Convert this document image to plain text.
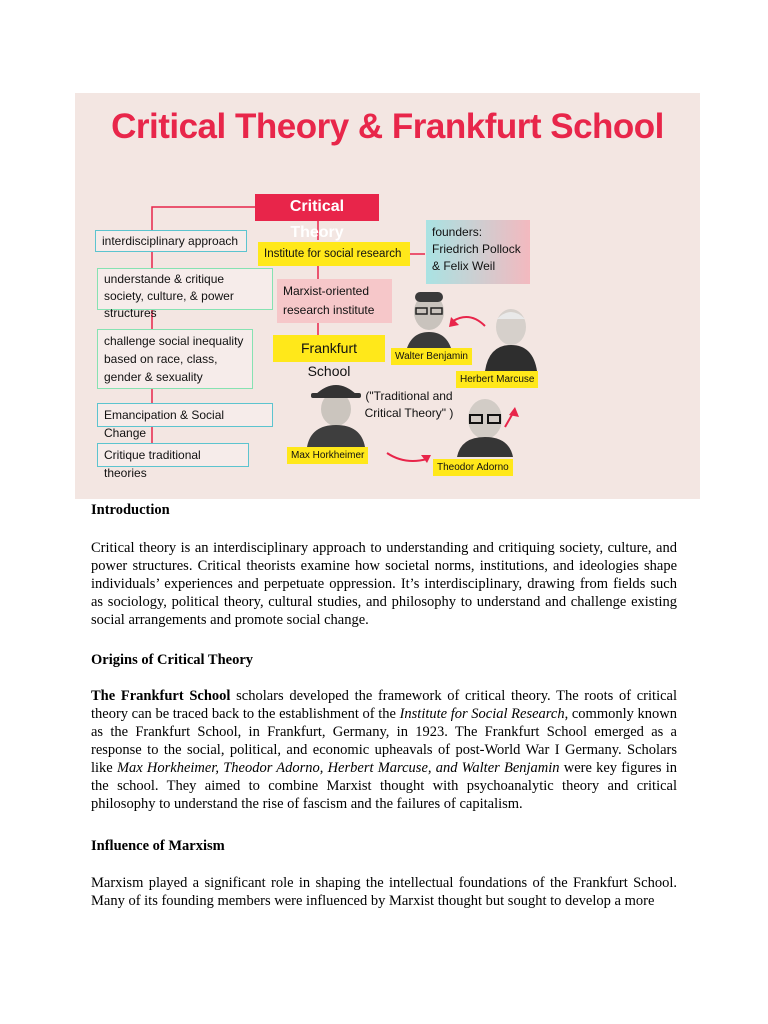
Critical Theory & Frankfurt School
Critical Theory
interdisciplinary approach
understande & critique society, culture, & power structures
challenge social inequality based on race, class, gender & sexuality
Emancipation & Social Change
Critique traditional theories
Institute for social research
Marxist-oriented
research institute
Frankfurt School
founders:
Friedrich Pollock
& Felix Weil
("Traditional and
Critical Theory" )
Walter Benjamin
Herbert Marcuse
Max Horkheimer
Theodor Adorno
Introduction

Critical theory is an interdisciplinary approach to understanding and critiquing society, culture, and power structures. Critical theorists examine how societal norms, institutions, and ideologies shape individuals’ experiences and perpetuate oppression. It’s interdisciplinary, drawing from fields such as sociology, political theory, cultural studies, and philosophy to understand and challenge existing social arrangements and promote social change.

Origins of Critical Theory

The Frankfurt School scholars developed the framework of critical theory. The roots of critical theory can be traced back to the establishment of the Institute for Social Research, commonly known as the Frankfurt School, in Frankfurt, Germany, in 1923. The Frankfurt School emerged as a response to the social, political, and economic upheavals of post-World War I Germany. Scholars like Max Horkheimer, Theodor Adorno, Herbert Marcuse, and Walter Benjamin were key figures in the school. They aimed to combine Marxist thought with psychoanalytic theory and critical philosophy to understand the rise of fascism and the failures of capitalism.

Influence of Marxism

Marxism played a significant role in shaping the intellectual foundations of the Frankfurt School. Many of its founding members were influenced by Marxist thought but sought to develop a more
